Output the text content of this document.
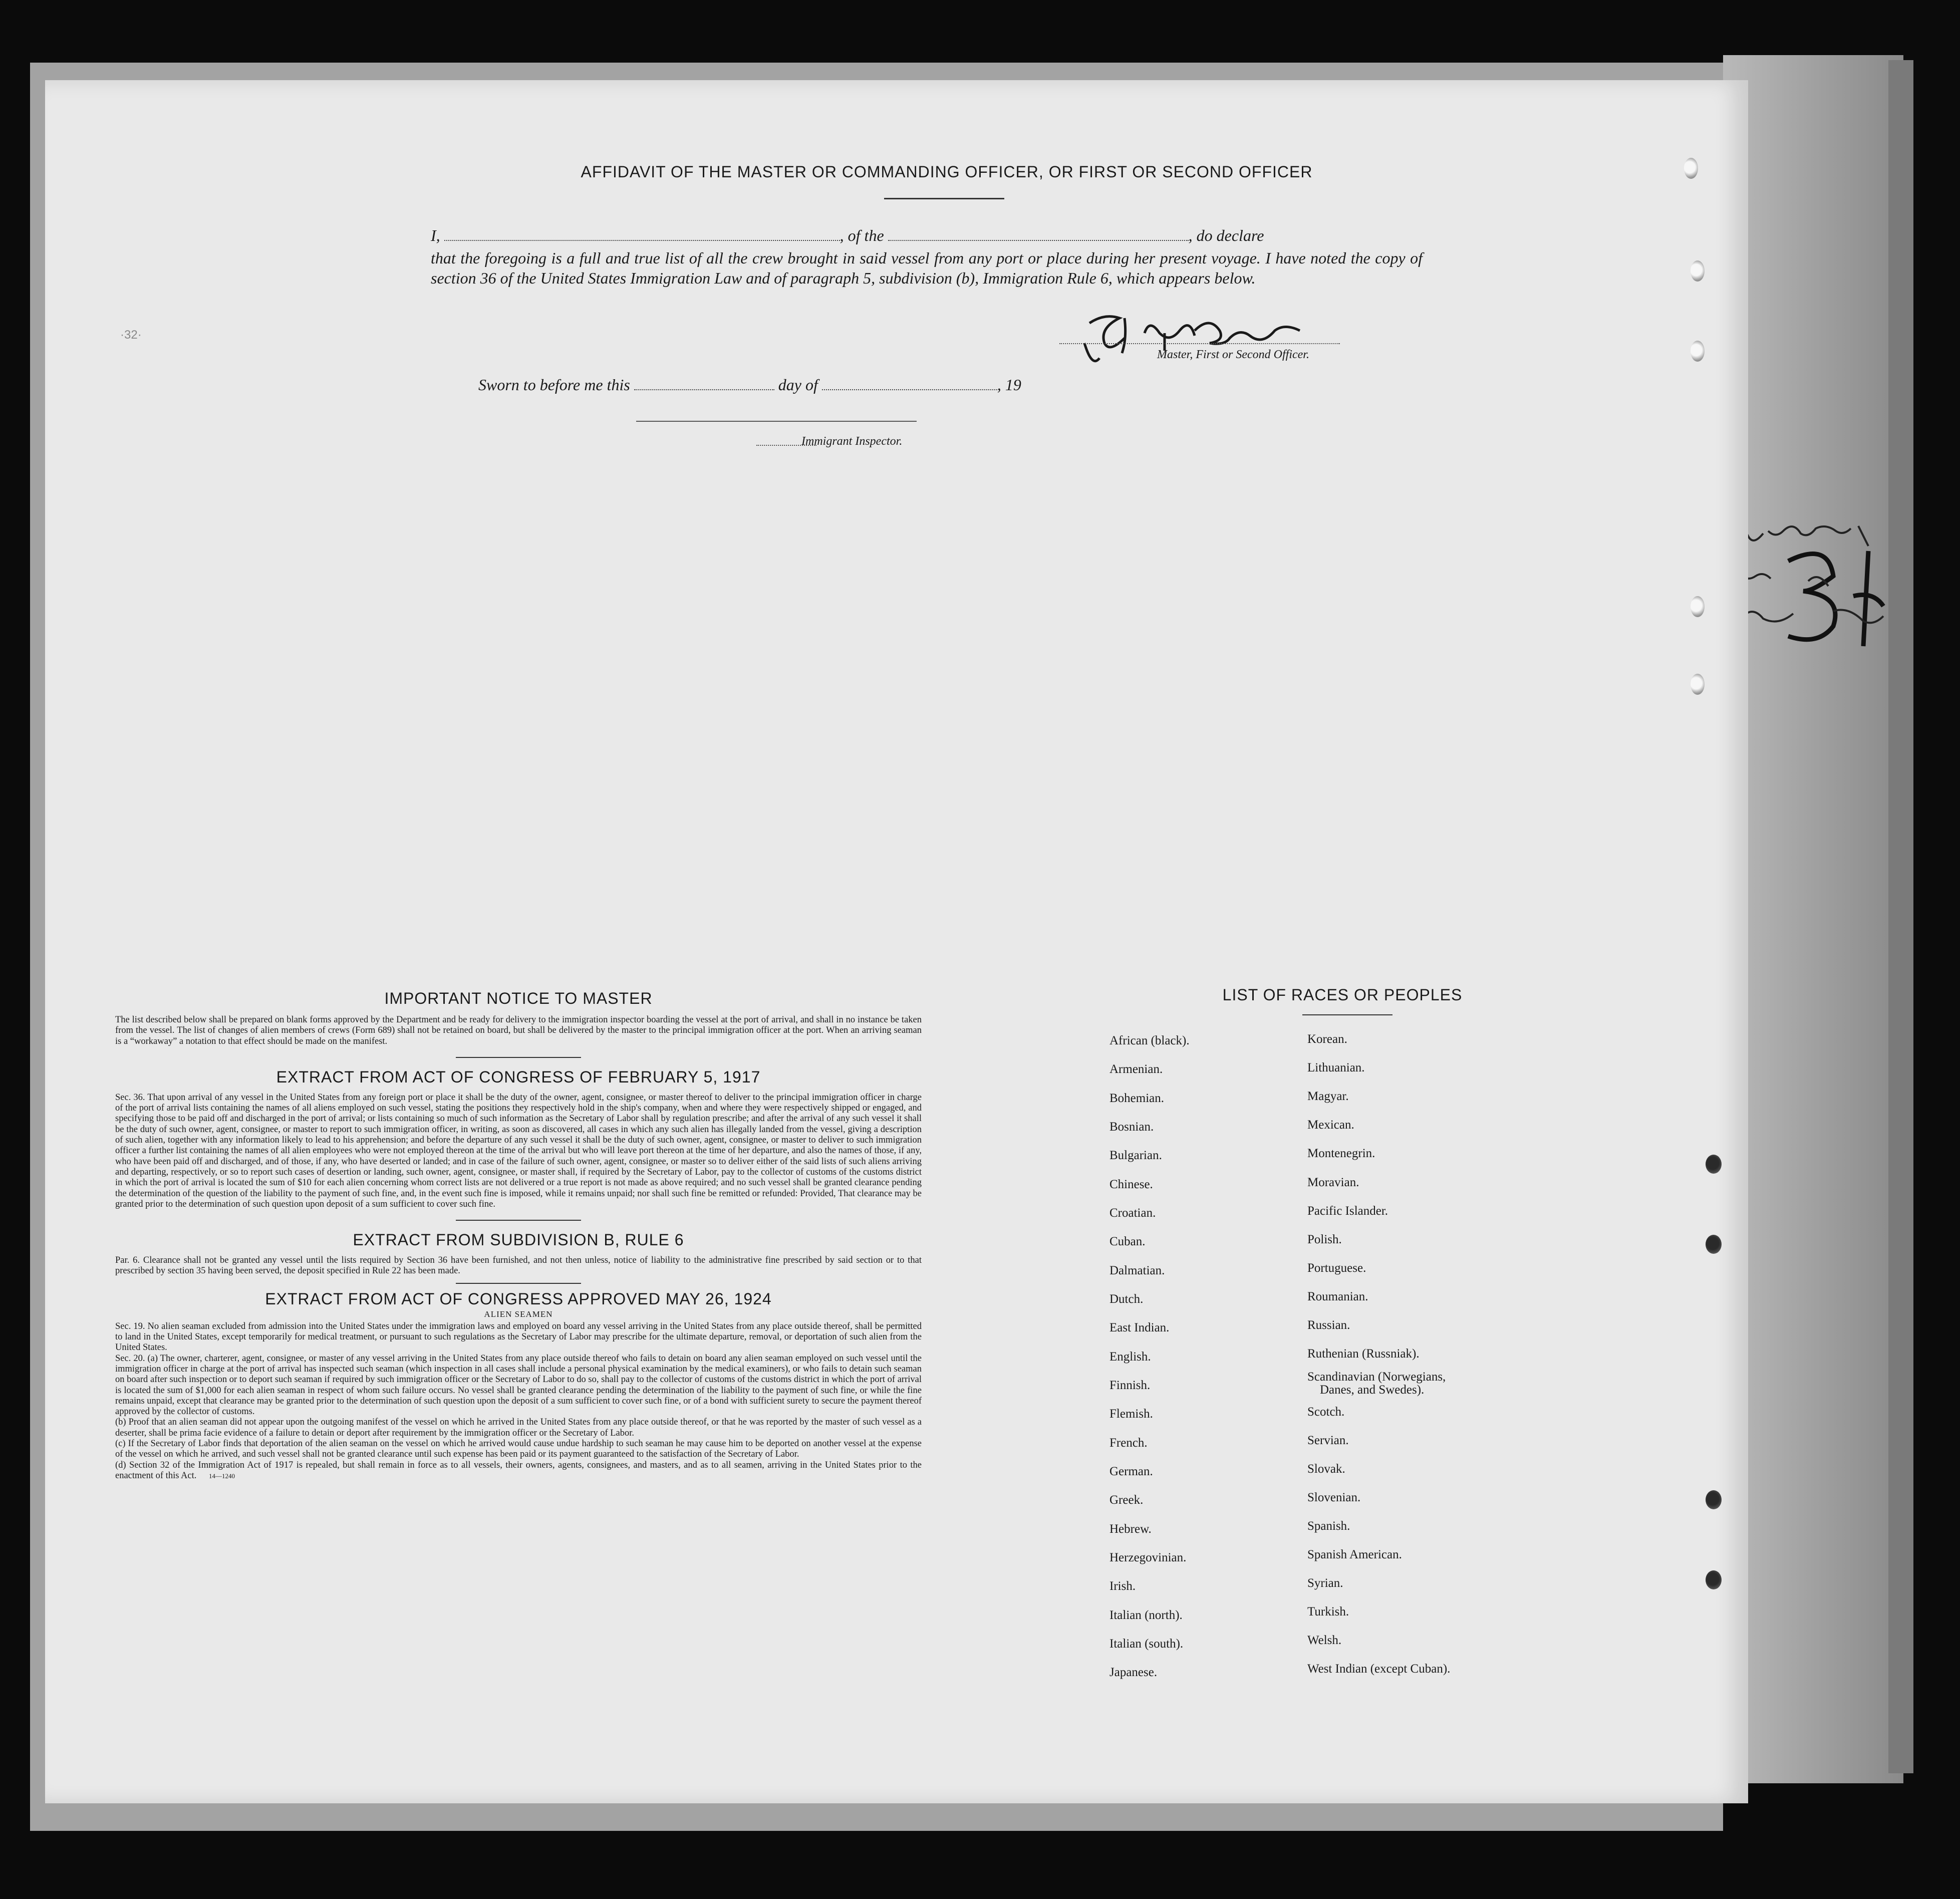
·32·
AFFIDAVIT OF THE MASTER OR COMMANDING OFFICER, OR FIRST OR SECOND OFFICER
I,	, of the	, do declare
that the foregoing is a full and true list of all the crew brought in said vessel from any port or place during her present voyage. I have noted the copy of section 36 of the United States Immigration Law and of paragraph 5, subdivision (b), Immigration Rule 6, which appears below.
Master, First or Second Officer.
Sworn to before me this	day of	, 19
Immigrant Inspector.
IMPORTANT NOTICE TO MASTER

The list described below shall be prepared on blank forms approved by the Department and be ready for delivery to the immigration inspector boarding the vessel at the port of arrival, and shall in no instance be taken from the vessel. The list of changes of alien members of crews (Form 689) shall not be retained on board, but shall be delivered by the master to the principal immigration officer at the port. When an arriving seaman is a “workaway” a notation to that effect should be made on the manifest.

EXTRACT FROM ACT OF CONGRESS OF FEBRUARY 5, 1917

Sec. 36. That upon arrival of any vessel in the United States from any foreign port or place it shall be the duty of the owner, agent, consignee, or master thereof to deliver to the principal immigration officer in charge of the port of arrival lists containing the names of all aliens employed on such vessel, stating the positions they respectively hold in the ship's company, when and where they were respectively shipped or engaged, and specifying those to be paid off and discharged in the port of arrival; or lists containing so much of such information as the Secretary of Labor shall by regulation prescribe; and after the arrival of any such vessel it shall be the duty of such owner, agent, consignee, or master to report to such immigration officer, in writing, as soon as discovered, all cases in which any such alien has illegally landed from the vessel, giving a description of such alien, together with any information likely to lead to his apprehension; and before the departure of any such vessel it shall be the duty of such owner, agent, consignee, or master to deliver to such immigration officer a further list containing the names of all alien employees who were not employed thereon at the time of the arrival but who will leave port thereon at the time of her departure, and also the names of those, if any, who have been paid off and discharged, and of those, if any, who have deserted or landed; and in case of the failure of such owner, agent, consignee, or master so to deliver either of the said lists of such aliens arriving and departing, respectively, or so to report such cases of desertion or landing, such owner, agent, consignee, or master shall, if required by the Secretary of Labor, pay to the collector of customs of the customs district in which the port of arrival is located the sum of $10 for each alien concerning whom correct lists are not delivered or a true report is not made as above required; and no such vessel shall be granted clearance pending the determination of the question of the liability to the payment of such fine, and, in the event such fine is imposed, while it remains unpaid; nor shall such fine be remitted or refunded: Provided, That clearance may be granted prior to the determination of such question upon deposit of a sum sufficient to cover such fine.

EXTRACT FROM SUBDIVISION B, RULE 6

Par. 6. Clearance shall not be granted any vessel until the lists required by Section 36 have been furnished, and not then unless, notice of liability to the administrative fine prescribed by said section or to that prescribed by section 35 having been served, the deposit specified in Rule 22 has been made.

EXTRACT FROM ACT OF CONGRESS APPROVED MAY 26, 1924
ALIEN SEAMEN

Sec. 19. No alien seaman excluded from admission into the United States under the immigration laws and employed on board any vessel arriving in the United States from any place outside thereof, shall be permitted to land in the United States, except temporarily for medical treatment, or pursuant to such regulations as the Secretary of Labor may prescribe for the ultimate departure, removal, or deportation of such alien from the United States.

Sec. 20. (a) The owner, charterer, agent, consignee, or master of any vessel arriving in the United States from any place outside thereof who fails to detain on board any alien seaman employed on such vessel until the immigration officer in charge at the port of arrival has inspected such seaman (which inspection in all cases shall include a personal physical examination by the medical examiners), or who fails to detain such seaman on board after such inspection or to deport such seaman if required by such immigration officer or the Secretary of Labor to do so, shall pay to the collector of customs of the customs district in which the port of arrival is located the sum of $1,000 for each alien seaman in respect of whom such failure occurs. No vessel shall be granted clearance pending the determination of the liability to the payment of such fine, or while the fine remains unpaid, except that clearance may be granted prior to the determination of such question upon the deposit of a sum sufficient to cover such fine, or of a bond with sufficient surety to secure the payment thereof approved by the collector of customs.

(b) Proof that an alien seaman did not appear upon the outgoing manifest of the vessel on which he arrived in the United States from any place outside thereof, or that he was reported by the master of such vessel as a deserter, shall be prima facie evidence of a failure to detain or deport after requirement by the immigration officer or the Secretary of Labor.

(c) If the Secretary of Labor finds that deportation of the alien seaman on the vessel on which he arrived would cause undue hardship to such seaman he may cause him to be deported on another vessel at the expense of the vessel on which he arrived, and such vessel shall not be granted clearance until such expense has been paid or its payment guaranteed to the satisfaction of the Secretary of Labor.

(d) Section 32 of the Immigration Act of 1917 is repealed, but shall remain in force as to all vessels, their owners, agents, consignees, and masters, and as to all seamen, arriving in the United States prior to the enactment of this Act. 14—1240

LIST OF RACES OR PEOPLES
African (black).
Armenian.
Bohemian.
Bosnian.
Bulgarian.
Chinese.
Croatian.
Cuban.
Dalmatian.
Dutch.
East Indian.
English.
Finnish.
Flemish.
French.
German.
Greek.
Hebrew.
Herzegovinian.
Irish.
Italian (north).
Italian (south).
Japanese.
Korean.
Lithuanian.
Magyar.
Mexican.
Montenegrin.
Moravian.
Pacific Islander.
Polish.
Portuguese.
Roumanian.
Russian.
Ruthenian (Russniak).
Scandinavian (Norwegians,
Danes, and Swedes).
Scotch.
Servian.
Slovak.
Slovenian.
Spanish.
Spanish American.
Syrian.
Turkish.
Welsh.
West Indian (except Cuban).
